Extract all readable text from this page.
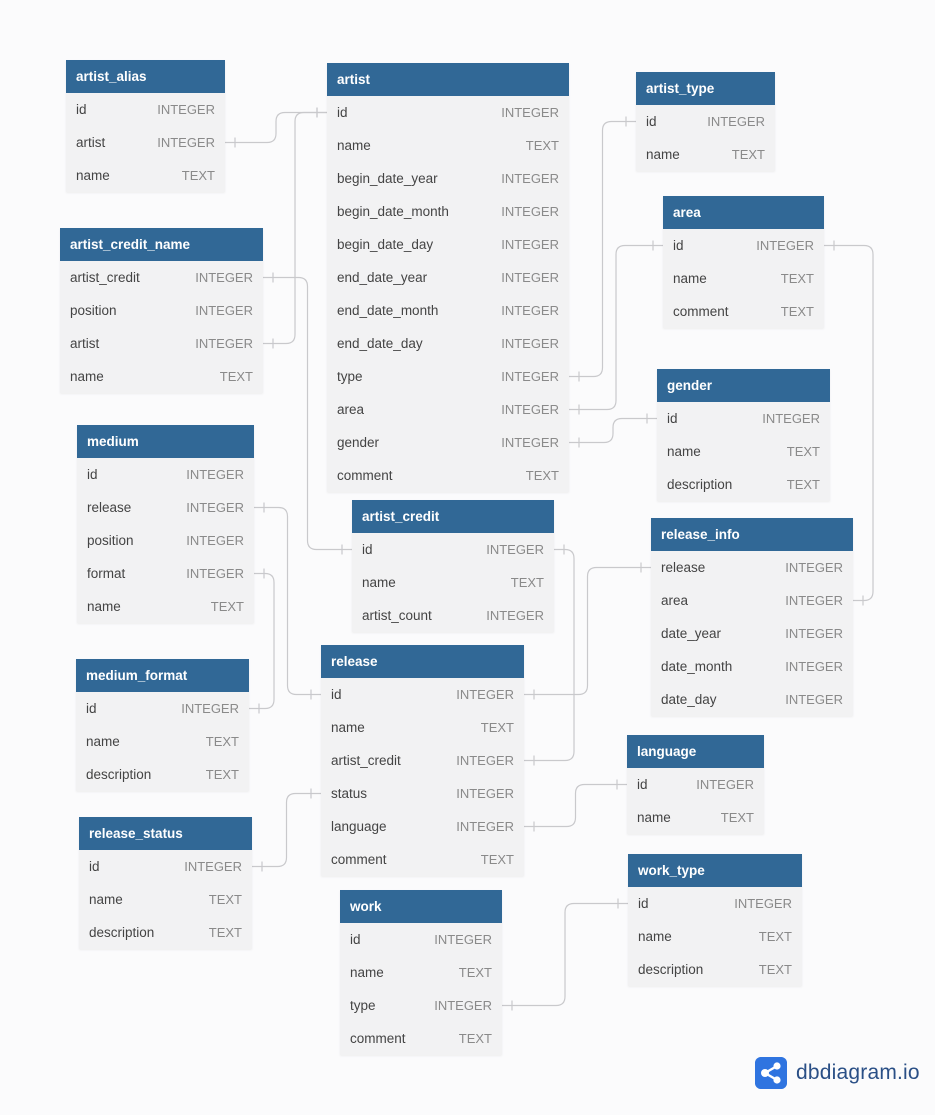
artist_alias
id	INTEGER
artist	INTEGER
name	TEXT
artist
id	INTEGER
name	TEXT
begin_date_year	INTEGER
begin_date_month	INTEGER
begin_date_day	INTEGER
end_date_year	INTEGER
end_date_month	INTEGER
end_date_day	INTEGER
type	INTEGER
area	INTEGER
gender	INTEGER
comment	TEXT
artist_type
id	INTEGER
name	TEXT
area
id	INTEGER
name	TEXT
comment	TEXT
artist_credit_name
artist_credit	INTEGER
position	INTEGER
artist	INTEGER
name	TEXT
gender
id	INTEGER
name	TEXT
description	TEXT
medium
id	INTEGER
release	INTEGER
position	INTEGER
format	INTEGER
name	TEXT
artist_credit
id	INTEGER
name	TEXT
artist_count	INTEGER
release_info
release	INTEGER
area	INTEGER
date_year	INTEGER
date_month	INTEGER
date_day	INTEGER
medium_format
id	INTEGER
name	TEXT
description	TEXT
release
id	INTEGER
name	TEXT
artist_credit	INTEGER
status	INTEGER
language	INTEGER
comment	TEXT
language
id	INTEGER
name	TEXT
release_status
id	INTEGER
name	TEXT
description	TEXT
work_type
id	INTEGER
name	TEXT
description	TEXT
work
id	INTEGER
name	TEXT
type	INTEGER
comment	TEXT
dbdiagram.io
